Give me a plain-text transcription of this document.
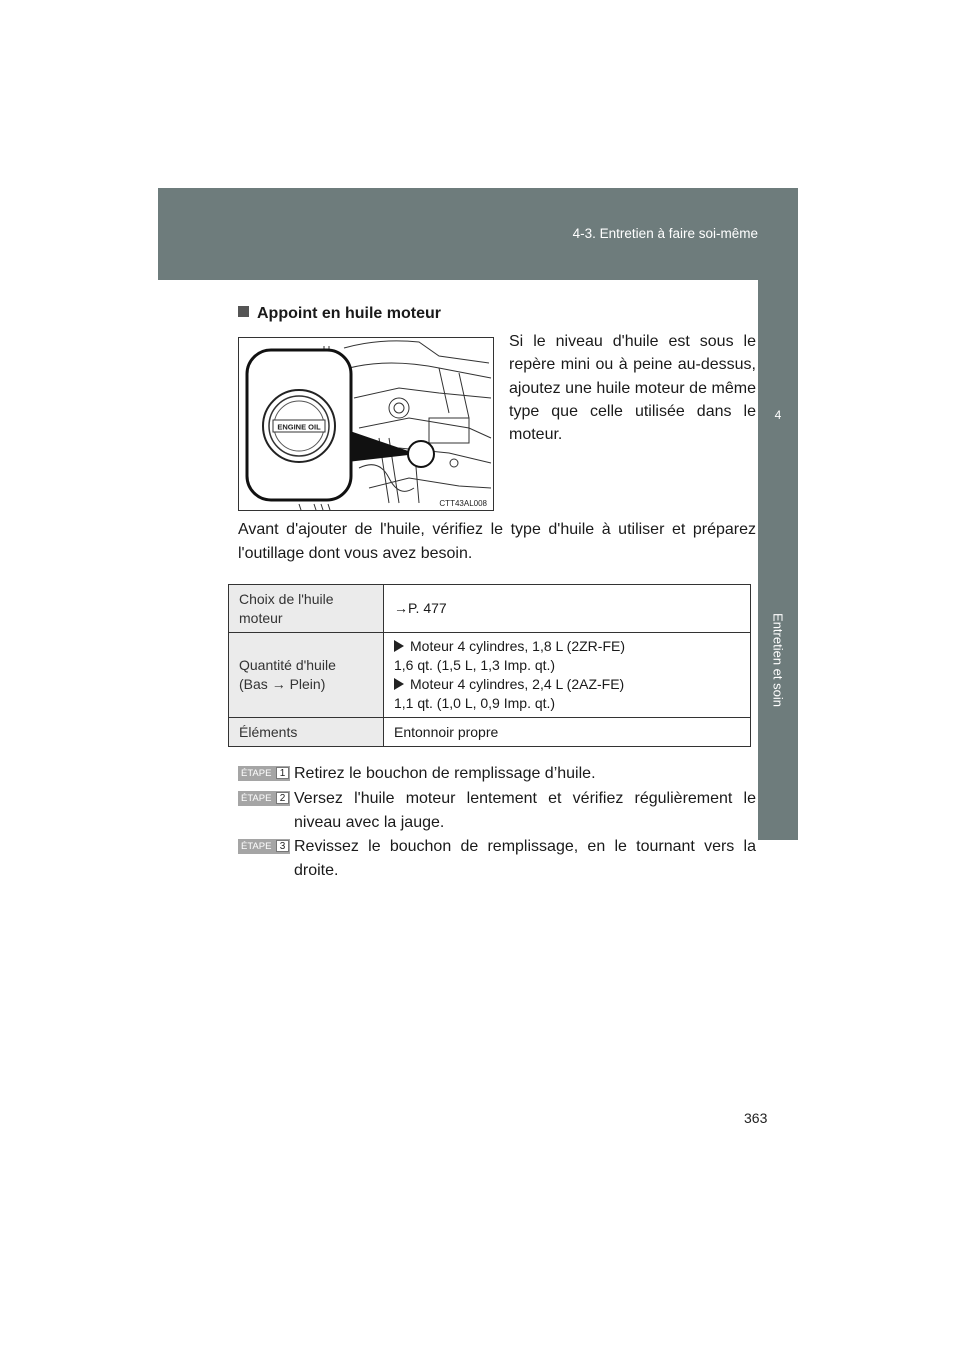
4-3. Entretien à faire soi-même
4
Entretien et soin
Appoint en huile moteur
ENGINE OIL
CTT43AL008
Si le niveau d'huile est sous le repère mini ou à peine au-dessus, ajoutez une huile moteur de même type que celle utilisée dans le moteur.
Avant d'ajouter de l'huile, vérifiez le type d'huile à utiliser et préparez l'outillage dont vous avez besoin.
Choix de l'huile
moteur	→P. 477
Quantité d'huile
(Bas → Plein)	Moteur 4 cylindres, 1,8 L (2ZR-FE)
1,6 qt. (1,5 L, 1,3 Imp. qt.)
Moteur 4 cylindres, 2,4 L (2AZ-FE)
1,1 qt. (1,0 L, 0,9 Imp. qt.)
Éléments	Entonnoir propre
ÉTAPE 1 Retirez le bouchon de remplissage d’huile.
ÉTAPE 2 Versez l'huile moteur lentement et vérifiez régulièrement le niveau avec la jauge.
ÉTAPE 3 Revissez le bouchon de remplissage, en le tournant vers la droite.
363
